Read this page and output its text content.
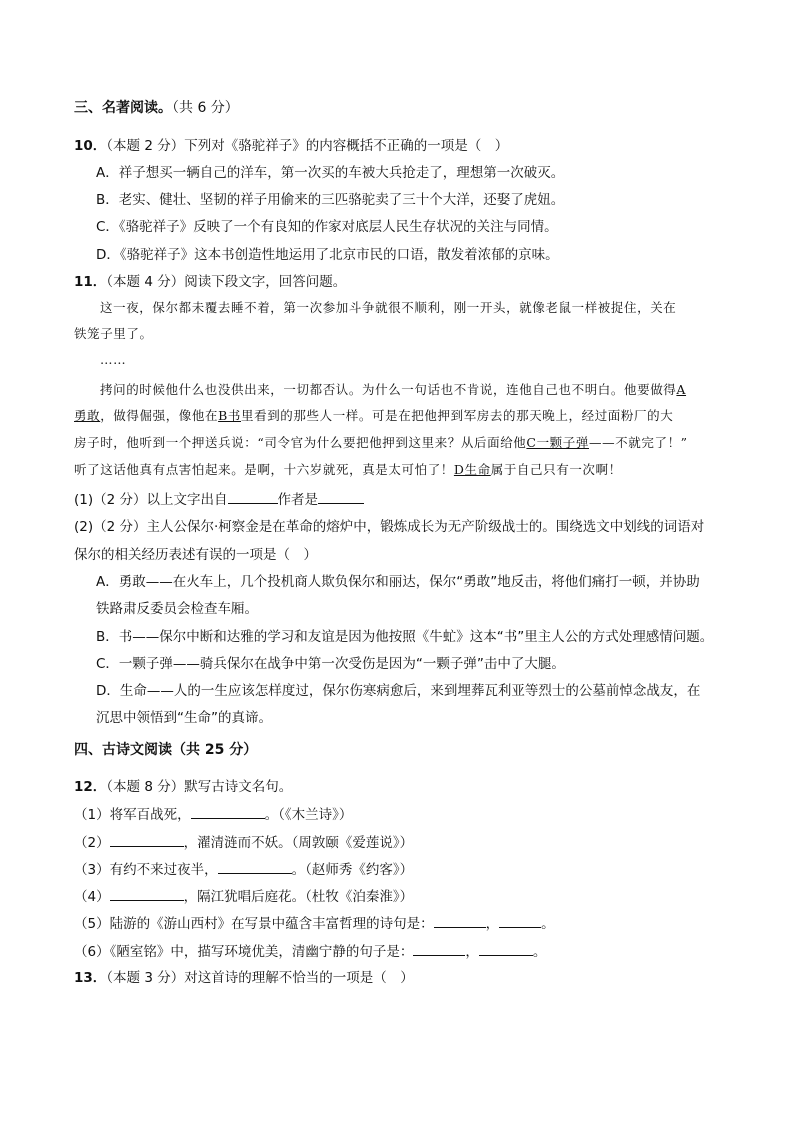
三、名著阅读。（共 6 分）
10．（本题 2 分）下列对《骆驼祥子》的内容概括不正确的一项是（　）
A．祥子想买一辆自己的洋车，第一次买的车被大兵抢走了，理想第一次破灭。
B．老实、健壮、坚韧的祥子用偷来的三匹骆驼卖了三十个大洋，还娶了虎妞。
C．《骆驼祥子》反映了一个有良知的作家对底层人民生存状况的关注与同情。
D．《骆驼祥子》这本书创造性地运用了北京市民的口语，散发着浓郁的京味。
11．（本题 4 分）阅读下段文字，回答问题。
这一夜，保尔都未覆去睡不着，第一次参加斗争就很不顺利，刚一开头，就像老鼠一样被捉住，关在
铁笼子里了。
……
拷问的时候他什么也没供出来，一切都否认。为什么一句话也不肯说，连他自己也不明白。他要做得A
勇敢，做得倔强，像他在B书里看到的那些人一样。可是在把他押到军房去的那天晚上，经过面粉厂的大
房子时，他听到一个押送兵说：“司令官为什么要把他押到这里来？从后面给他C一颗子弹——不就完了！”
听了这话他真有点害怕起来。是啊，十六岁就死，真是太可怕了！D生命属于自己只有一次啊！
(1)（2 分）以上文字出自	作者是
(2)（2 分）主人公保尔·柯察金是在革命的熔炉中，锻炼成长为无产阶级战士的。围绕选文中划线的词语对
保尔的相关经历表述有误的一项是（　）
A．勇敢——在火车上，几个投机商人欺负保尔和丽达，保尔“勇敢”地反击，将他们痛打一顿，并协助
铁路肃反委员会检查车厢。
B．书——保尔中断和达雅的学习和友谊是因为他按照《牛虻》这本“书”里主人公的方式处理感情问题。
C．一颗子弹——骑兵保尔在战争中第一次受伤是因为“一颗子弹”击中了大腿。
D．生命——人的一生应该怎样度过，保尔伤寒病愈后，来到埋葬瓦利亚等烈士的公墓前悼念战友，在
沉思中领悟到“生命”的真谛。
四、古诗文阅读（共 25 分）
12．（本题 8 分）默写古诗文名句。
（1）将军百战死，	。（《木兰诗》）
（2）	，濯清涟而不妖。（周敦颐《爱莲说》）
（3）有约不来过夜半，	。（赵师秀《约客》）
（4）	，隔江犹唱后庭花。（杜牧《泊秦淮》）
（5）陆游的《游山西村》在写景中蕴含丰富哲理的诗句是：	，	。
（6）《陋室铭》中，描写环境优美，清幽宁静的句子是：	，	。
13．（本题 3 分）对这首诗的理解不恰当的一项是（　）
